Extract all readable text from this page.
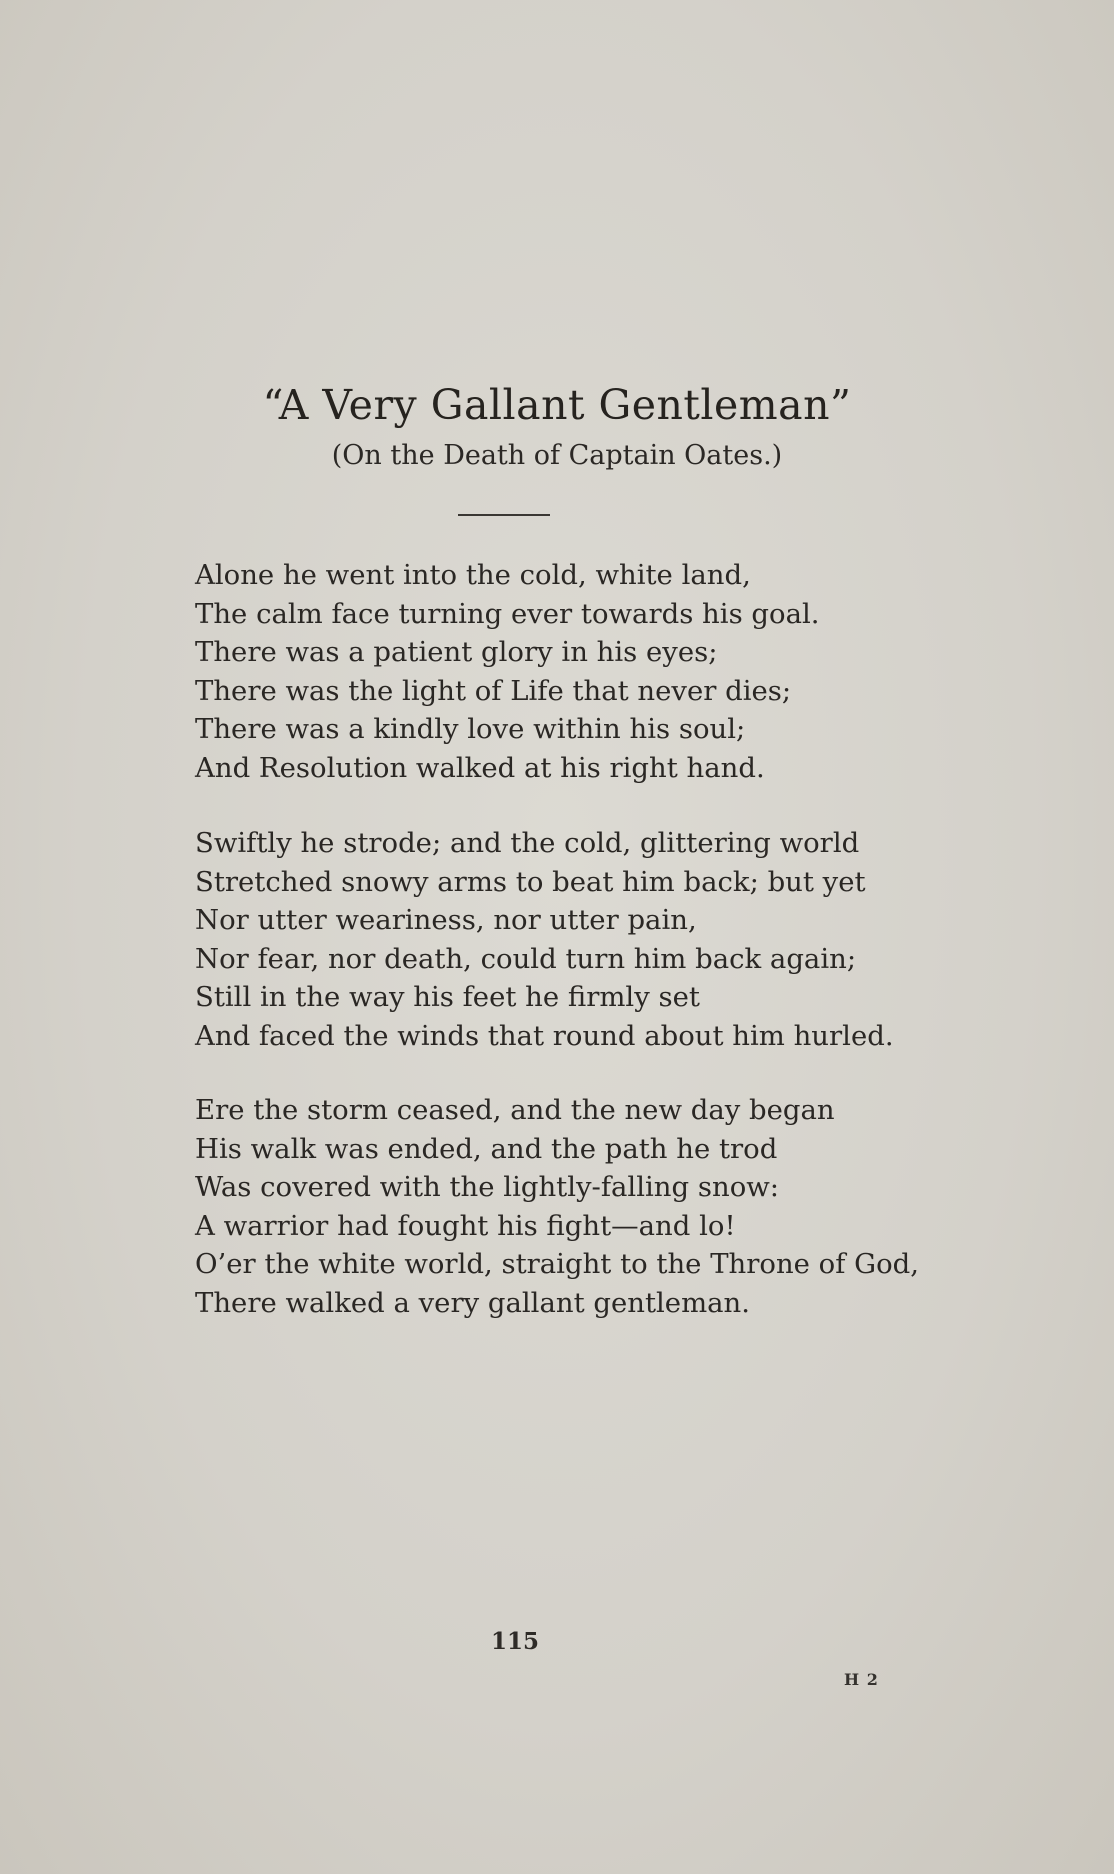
“A Very Gallant Gentleman”
(On the Death of Captain Oates.)
Alone he went into the cold, white land,
The calm face turning ever towards his goal.
There was a patient glory in his eyes;
There was the light of Life that never dies;
There was a kindly love within his soul;
And Resolution walked at his right hand.
Swiftly he strode; and the cold, glittering world
Stretched snowy arms to beat him back; but yet
Nor utter weariness, nor utter pain,
Nor fear, nor death, could turn him back again;
Still in the way his feet he firmly set
And faced the winds that round about him hurled.
Ere the storm ceased, and the new day began
His walk was ended, and the path he trod
Was covered with the lightly-falling snow:
A warrior had fought his fight—and lo!
O’er the white world, straight to the Throne of God,
There walked a very gallant gentleman.
115
H 2
